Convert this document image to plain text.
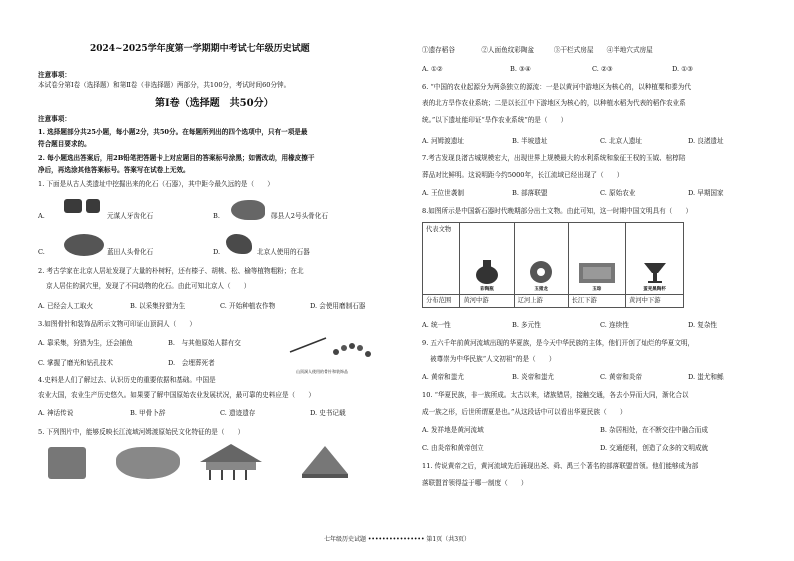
2024~2025学年度第一学期期中考试七年级历史试题
注意事项：
本试卷分第Ⅰ卷（选择题）和第Ⅱ卷（非选择题）两部分，共100分，考试时间60分钟。
第Ⅰ卷（选择题　共50分）
注意事项：
1. 选择题部分共25小题，每小题2分，共50分。在每题所列出的四个选项中，只有一项是最
符合题目要求的。
2. 每小题选出答案后，用2B铅笔把答题卡上对应题目的答案标号涂黑；如需改动，用橡皮擦干
净后，再选涂其他答案标号。答案写在试卷上无效。
1. 下面是从古人类遗址中挖掘出来的化石（石器），其中距今最久远的是（　　）
A.	元谋人牙齿化石	B.	郧县人2号头骨化石
C.	蓝田人头骨化石	D.	北京人使用的石器
2. 考古学家在北京人居址发现了大量的朴树籽，还有榛子、胡桃、松、榆等植物粗粉；在北
京人居住的洞穴里，发现了不同动物的化石。由此可知北京人（　　）
A. 已经会人工取火	B. 以采集狩猎为生	C. 开始种植农作物	D. 会使用磨制石器
3.如图骨针和装饰品所示文物可印证山顶洞人（　　）
A. 靠采集，狩猎为生，还会捕鱼	B.　与其他原始人群有交
C. 掌握了磨光和钻孔技术	D.　会埋葬死者
山顶洞人使用的骨针和装饰品
4.史料是人们了解过去、认识历史的重要依据和基础。中国是
农业大国，农业生产历史悠久。如果要了解中国原始农业发展状况，最可靠的史料应是（　　）
A. 神话传说	B. 甲骨卜辞	C. 遗迹遗存	D. 史书记载
5. 下列图片中，能够反映长江流域河姆渡原始民文化特征的是（　　）
①遗存稻谷　　　　②人面鱼纹彩陶盆　　　③干栏式房屋　　④半地穴式房屋
A. ①②	B. ③④	C. ②③	D. ①③
6. “中国的农业起源分为两条独立的源流：一是以黄河中游地区为核心的，以种植粟和黍为代
表的北方旱作农业系统；二是以长江中下游地区为核心的，以种植水稻为代表的稻作农业系
统。”以下遗址能印证“旱作农业系统”的是（　　）
A. 河姆渡遗址	B. 半坡遗址	C. 北京人遗址	D. 良渚遗址
7.考古发现良渚古城规模宏大，出现世界上规模最大的水利系统和象征王权的玉钺、棺椁陪
葬品对比鲜明。这说明距今约5000年，长江流域已经出现了（　　）
A. 王位世袭制	B. 部落联盟	C. 原始农业	D. 早期国家
8.如图所示是中国新石器时代晚期部分出土文物。由此可知，这一时期中国文明具有（　　）
代表文物	彩陶瓶	玉猪龙	玉琮	蛋壳黑陶杯

分布范围	黄河中游	辽河上游	长江下游	黄河中下游
A. 统一性	B. 多元性	C. 连续性	D. 复杂性
9. 五六千年前黄河流域出现的华夏族，是今天中华民族的主体，他们开创了灿烂的华夏文明，
被尊崇为中华民族“人文初祖”的是（　　）
A. 黄帝和蚩尤	B. 炎帝和蚩尤	C. 黄帝和炎帝	D. 蚩尤和鲧
10. “华夏民族，非一族所成。太古以来，诸族错居，接触交通，各去小异而大同，渐化合以
成一族之形，后世所谓夏是也。”从这段话中可以看出华夏民族（　　）
A. 发祥地是黄河流域	B. 杂居相处，在不断交往中融合而成
C. 由炎帝和黄帝创立	D. 交通便利，创造了众多的文明成就
11. 传说黄帝之后，黄河流域先后涌现出尧、舜、禹三个著名的部落联盟首领。他们能够成为部
落联盟首领得益于哪一制度（　　）
七年级历史试题 •••••••••••••••• 第1页（共3页）
